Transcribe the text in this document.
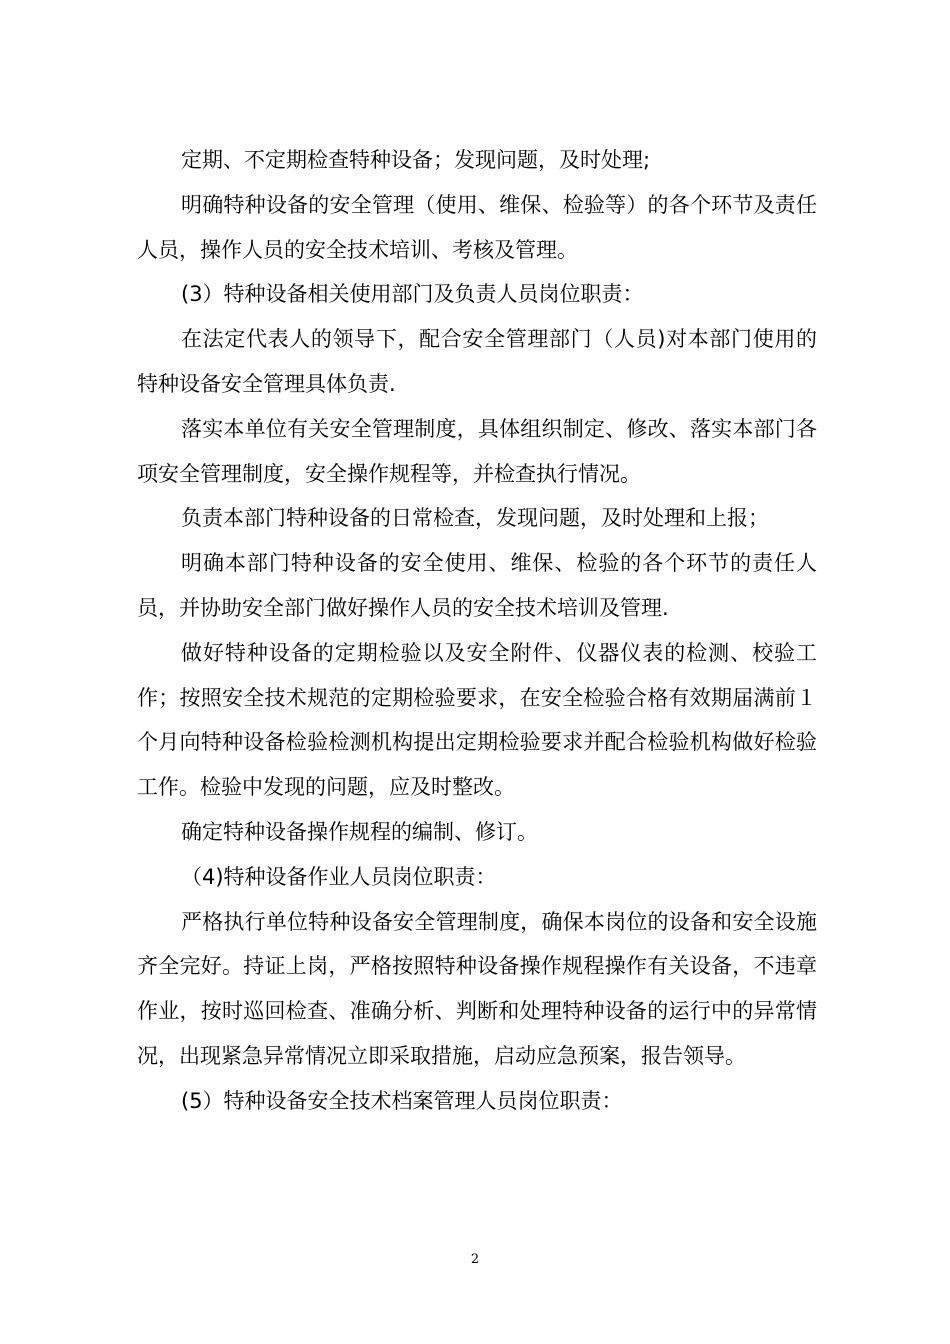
定期、不定期检查特种设备；发现问题，及时处理;

明确特种设备的安全管理（使用、维保、检验等）的各个环节及责任人员，操作人员的安全技术培训、考核及管理。

(3）特种设备相关使用部门及负责人员岗位职责：

在法定代表人的领导下，配合安全管理部门（人员)对本部门使用的特种设备安全管理具体负责.

落实本单位有关安全管理制度，具体组织制定、修改、落实本部门各项安全管理制度，安全操作规程等，并检查执行情况。

负责本部门特种设备的日常检查，发现问题，及时处理和上报；

明确本部门特种设备的安全使用、维保、检验的各个环节的责任人员，并协助安全部门做好操作人员的安全技术培训及管理.

做好特种设备的定期检验以及安全附件、仪器仪表的检测、校验工作；按照安全技术规范的定期检验要求，在安全检验合格有效期届满前１个月向特种设备检验检测机构提出定期检验要求并配合检验机构做好检验工作。检验中发现的问题，应及时整改。

确定特种设备操作规程的编制、修订。

（4)特种设备作业人员岗位职责：

严格执行单位特种设备安全管理制度，确保本岗位的设备和安全设施齐全完好。持证上岗，严格按照特种设备操作规程操作有关设备，不违章作业，按时巡回检查、准确分析、判断和处理特种设备的运行中的异常情况，出现紧急异常情况立即采取措施，启动应急预案，报告领导。

(5）特种设备安全技术档案管理人员岗位职责：

2
